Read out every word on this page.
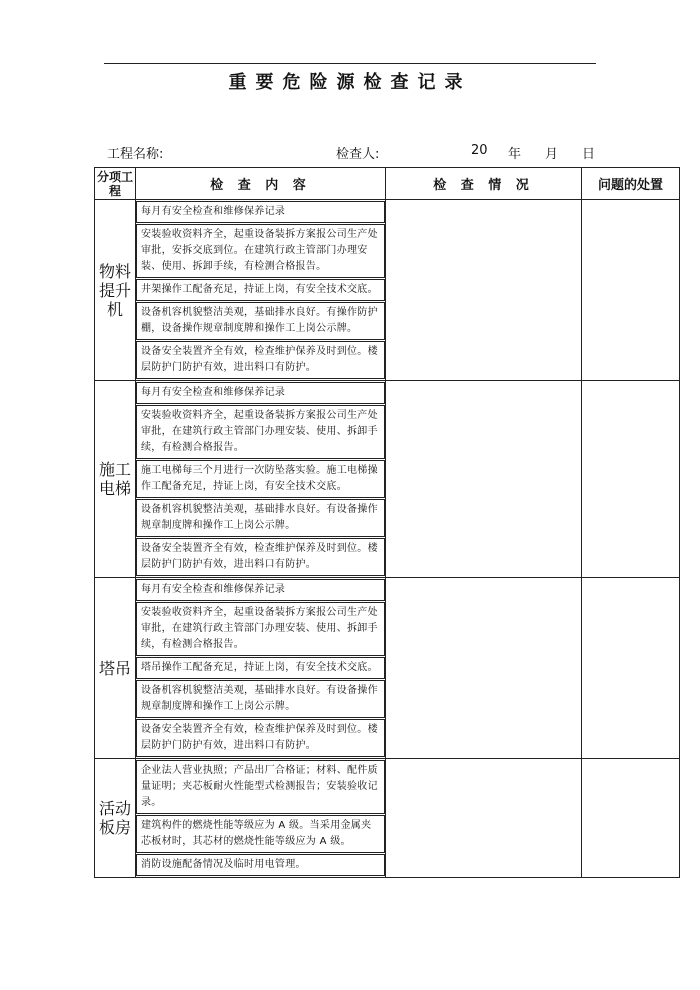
重要危险源检查记录
工程名称:	检查人:	20 年 月 日
分项工程	检 查 内 容	检 查 情 况	问题的处置
物料提升机	每月有安全检查和维修保养记录
安装验收资料齐全，起重设备装拆方案报公司生产处审批，安拆交底到位。在建筑行政主管部门办理安装、使用、拆卸手续，有检测合格报告。
井架操作工配备充足，持证上岗，有安全技术交底。
设备机容机貌整洁美观，基础排水良好。有操作防护棚，设备操作规章制度牌和操作工上岗公示牌。
设备安全装置齐全有效，检查维护保养及时到位。楼层防护门防护有效，进出料口有防护。		

施工电梯	每月有安全检查和维修保养记录
安装验收资料齐全，起重设备装拆方案报公司生产处审批，在建筑行政主管部门办理安装、使用、拆卸手续，有检测合格报告。
施工电梯每三个月进行一次防坠落实验。施工电梯操作工配备充足，持证上岗，有安全技术交底。
设备机容机貌整洁美观，基础排水良好。有设备操作规章制度牌和操作工上岗公示牌。
设备安全装置齐全有效，检查维护保养及时到位。楼层防护门防护有效，进出料口有防护。		

塔吊	每月有安全检查和维修保养记录
安装验收资料齐全，起重设备装拆方案报公司生产处审批，在建筑行政主管部门办理安装、使用、拆卸手续，有检测合格报告。
塔吊操作工配备充足，持证上岗，有安全技术交底。
设备机容机貌整洁美观，基础排水良好。有设备操作规章制度牌和操作工上岗公示牌。
设备安全装置齐全有效，检查维护保养及时到位。楼层防护门防护有效，进出料口有防护。		

活动板房	企业法人营业执照；产品出厂合格证；材料、配件质量证明；夹芯板耐火性能型式检测报告；安装验收记录。
建筑构件的燃烧性能等级应为 A 级。当采用金属夹芯板材时，其芯材的燃烧性能等级应为 A 级。
消防设施配备情况及临时用电管理。		
